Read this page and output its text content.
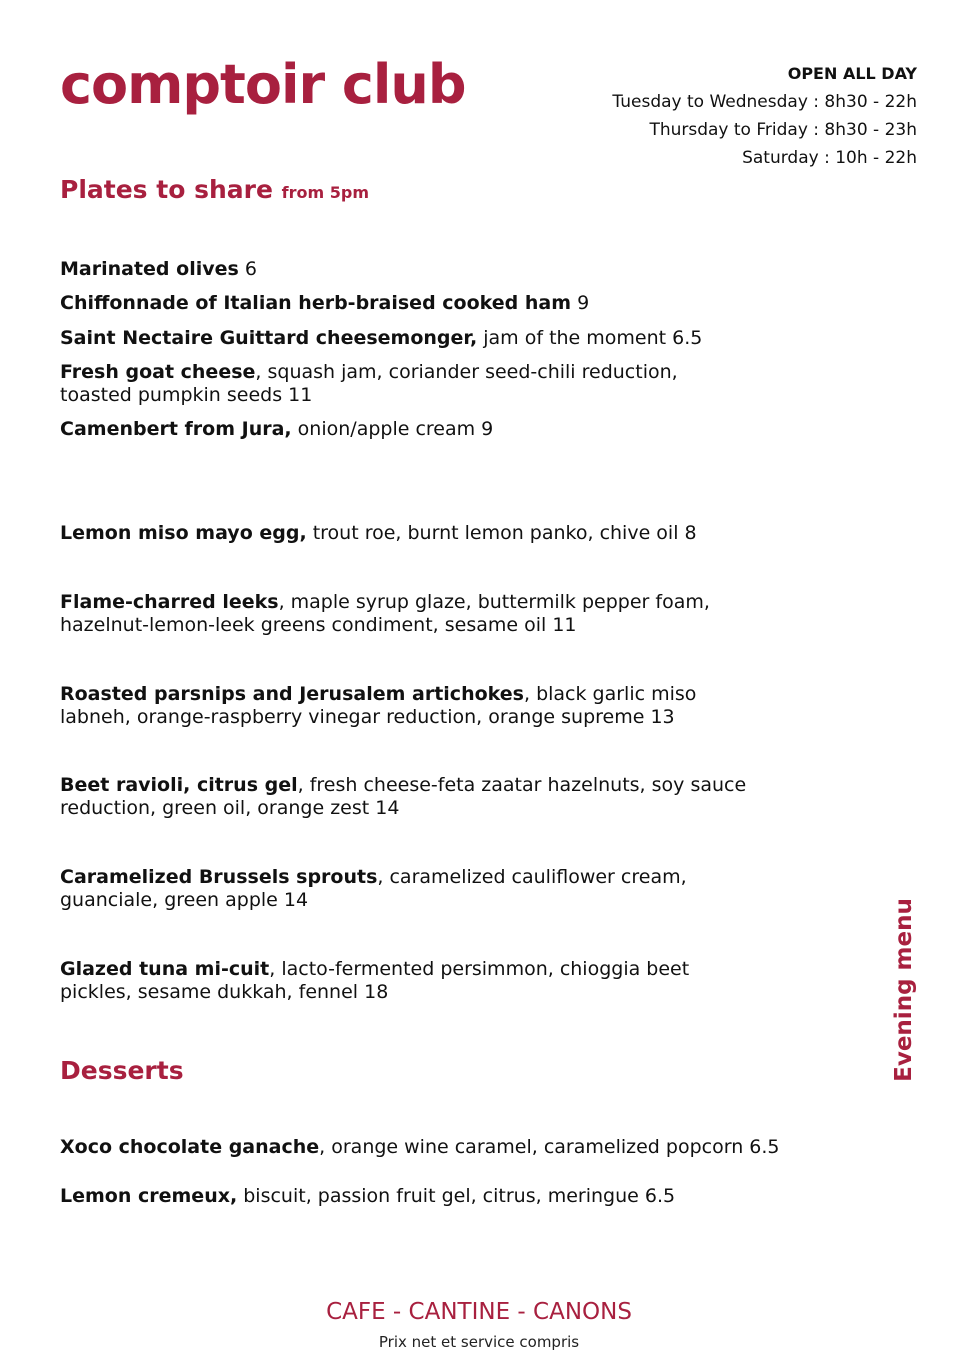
comptoir club	OPEN ALL DAY
Tuesday to Wednesday : 8h30 - 22h
Thursday to Friday : 8h30 - 23h
Saturday : 10h - 22h
Plates to share from 5pm

Marinated olives 6

Chiffonnade of Italian herb-braised cooked ham 9

Saint Nectaire Guittard cheesemonger, jam of the moment 6.5

Fresh goat cheese, squash jam, coriander seed-chili reduction, toasted pumpkin seeds 11

Camenbert from Jura, onion/apple cream 9

Lemon miso mayo egg, trout roe, burnt lemon panko, chive oil 8

Flame-charred leeks, maple syrup glaze, buttermilk pepper foam, hazelnut-lemon-leek greens condiment, sesame oil 11

Roasted parsnips and Jerusalem artichokes, black garlic miso labneh, orange-raspberry vinegar reduction, orange supreme 13

Beet ravioli, citrus gel, fresh cheese-feta zaatar hazelnuts, soy sauce reduction, green oil, orange zest 14

Caramelized Brussels sprouts, caramelized cauliflower cream, guanciale, green apple 14

Glazed tuna mi-cuit, lacto-fermented persimmon, chioggia beet pickles, sesame dukkah, fennel 18

Desserts

Xoco chocolate ganache, orange wine caramel, caramelized popcorn 6.5

Lemon cremeux, biscuit, passion fruit gel, citrus, meringue 6.5

Evening menu
CAFE - CANTINE - CANONS
Prix net et service compris
